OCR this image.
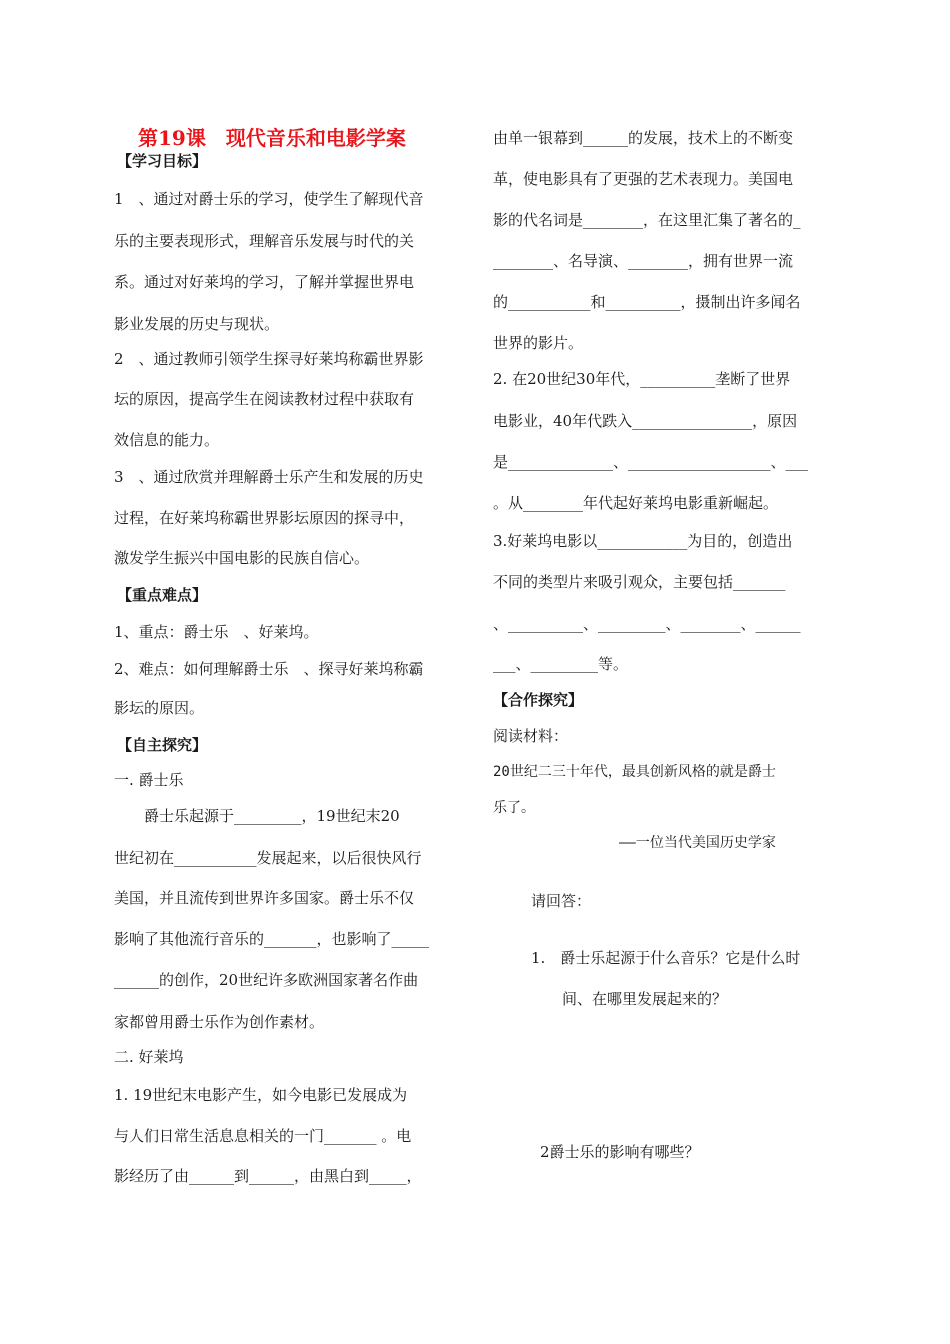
第19课　现代音乐和电影学案
【学习目标】
1　、通过对爵士乐的学习，使学生了解现代音
乐的主要表现形式，理解音乐发展与时代的关
系。通过对好莱坞的学习，了解并掌握世界电
影业发展的历史与现状。
2　、通过教师引领学生探寻好莱坞称霸世界影
坛的原因，提高学生在阅读教材过程中获取有
效信息的能力。
3　、通过欣赏并理解爵士乐产生和发展的历史
过程，在好莱坞称霸世界影坛原因的探寻中，
激发学生振兴中国电影的民族自信心。
【重点难点】
1、重点：爵士乐　、好莱坞。
2、难点：如何理解爵士乐　、探寻好莱坞称霸
影坛的原因。
【自主探究】
一. 爵士乐
　　爵士乐起源于_________，19世纪末20
世纪初在___________发展起来，以后很快风行
美国，并且流传到世界许多国家。爵士乐不仅
影响了其他流行音乐的_______，也影响了_____
______的创作，20世纪许多欧洲国家著名作曲
家都曾用爵士乐作为创作素材。
二. 好莱坞
1. 19世纪末电影产生，如今电影已发展成为
与人们日常生活息息相关的一门_______ 。电
影经历了由______到______，由黑白到_____，
由单一银幕到______的发展，技术上的不断变
革，使电影具有了更强的艺术表现力。美国电
影的代名词是________，在这里汇集了著名的_
________、名导演、________，拥有世界一流
的___________和__________，摄制出许多闻名
世界的影片。
2. 在20世纪30年代，__________垄断了世界
电影业，40年代跌入________________，原因
是______________、___________________、___
。从________年代起好莱坞电影重新崛起。
3.好莱坞电影以____________为目的，创造出
不同的类型片来吸引观众，主要包括_______
、__________、_________、________、______
___、_________等。
【合作探究】
阅读材料：
20世纪二三十年代，最具创新风格的就是爵士
乐了。
——一位当代美国历史学家
请回答：
1.　爵士乐起源于什么音乐？它是什么时
间、在哪里发展起来的？
2爵士乐的影响有哪些？
